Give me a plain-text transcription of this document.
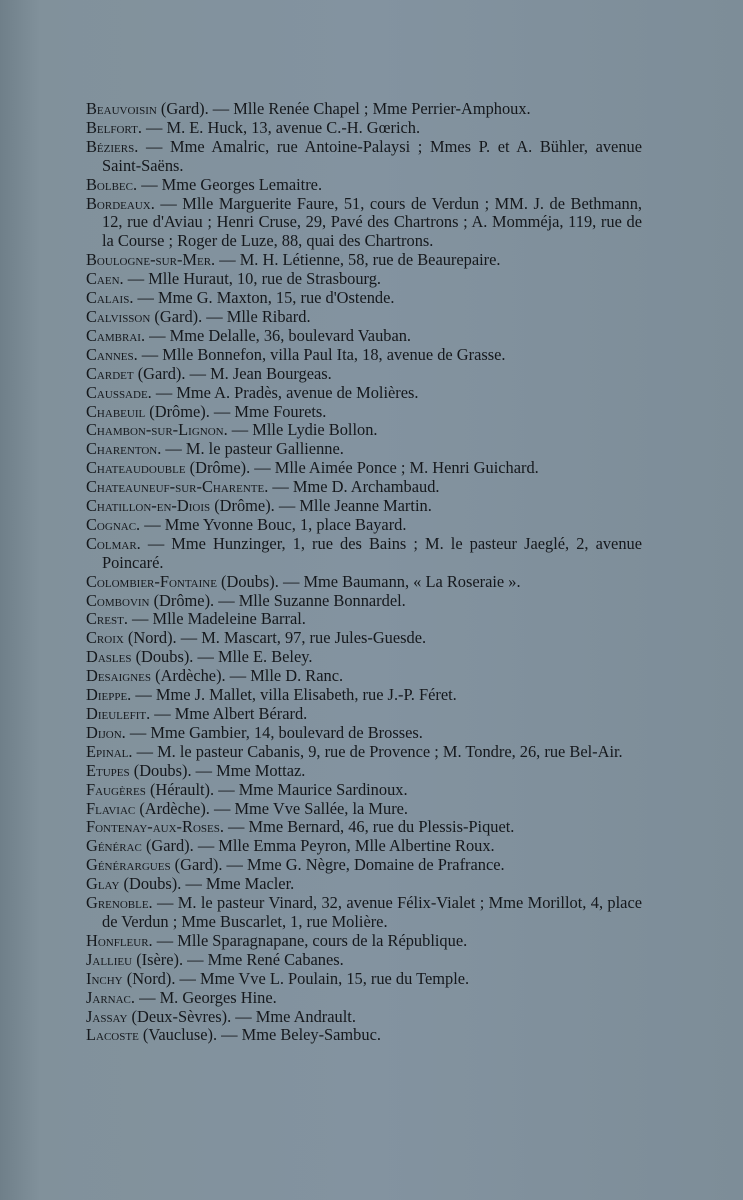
Beauvoisin (Gard). — Mlle Renée Chapel ; Mme Perrier-Amphoux.
Belfort. — M. E. Huck, 13, avenue C.-H. Gœrich.
Béziers. — Mme Amalric, rue Antoine-Palaysi ; Mmes P. et A. Bühler, avenue Saint-Saëns.
Bolbec. — Mme Georges Lemaitre.
Bordeaux. — Mlle Marguerite Faure, 51, cours de Verdun ; MM. J. de Bethmann, 12, rue d'Aviau ; Henri Cruse, 29, Pavé des Chartrons ; A. Momméja, 119, rue de la Course ; Roger de Luze, 88, quai des Chartrons.
Boulogne-sur-Mer. — M. H. Létienne, 58, rue de Beaurepaire.
Caen. — Mlle Huraut, 10, rue de Strasbourg.
Calais. — Mme G. Maxton, 15, rue d'Ostende.
Calvisson (Gard). — Mlle Ribard.
Cambrai. — Mme Delalle, 36, boulevard Vauban.
Cannes. — Mlle Bonnefon, villa Paul Ita, 18, avenue de Grasse.
Cardet (Gard). — M. Jean Bourgeas.
Caussade. — Mme A. Pradès, avenue de Molières.
Chabeuil (Drôme). — Mme Fourets.
Chambon-sur-Lignon. — Mlle Lydie Bollon.
Charenton. — M. le pasteur Gallienne.
Chateaudouble (Drôme). — Mlle Aimée Ponce ; M. Henri Guichard.
Chateauneuf-sur-Charente. — Mme D. Archambaud.
Chatillon-en-Diois (Drôme). — Mlle Jeanne Martin.
Cognac. — Mme Yvonne Bouc, 1, place Bayard.
Colmar. — Mme Hunzinger, 1, rue des Bains ; M. le pasteur Jaeglé, 2, avenue Poincaré.
Colombier-Fontaine (Doubs). — Mme Baumann, « La Roseraie ».
Combovin (Drôme). — Mlle Suzanne Bonnardel.
Crest. — Mlle Madeleine Barral.
Croix (Nord). — M. Mascart, 97, rue Jules-Guesde.
Dasles (Doubs). — Mlle E. Beley.
Desaignes (Ardèche). — Mlle D. Ranc.
Dieppe. — Mme J. Mallet, villa Elisabeth, rue J.-P. Féret.
Dieulefit. — Mme Albert Bérard.
Dijon. — Mme Gambier, 14, boulevard de Brosses.
Epinal. — M. le pasteur Cabanis, 9, rue de Provence ; M. Tondre, 26, rue Bel-Air.
Etupes (Doubs). — Mme Mottaz.
Faugères (Hérault). — Mme Maurice Sardinoux.
Flaviac (Ardèche). — Mme Vve Sallée, la Mure.
Fontenay-aux-Roses. — Mme Bernard, 46, rue du Plessis-Piquet.
Générac (Gard). — Mlle Emma Peyron, Mlle Albertine Roux.
Générargues (Gard). — Mme G. Nègre, Domaine de Prafrance.
Glay (Doubs). — Mme Macler.
Grenoble. — M. le pasteur Vinard, 32, avenue Félix-Vialet ; Mme Morillot, 4, place de Verdun ; Mme Buscarlet, 1, rue Molière.
Honfleur. — Mlle Sparagnapane, cours de la République.
Jallieu (Isère). — Mme René Cabanes.
Inchy (Nord). — Mme Vve L. Poulain, 15, rue du Temple.
Jarnac. — M. Georges Hine.
Jassay (Deux-Sèvres). — Mme Andrault.
Lacoste (Vaucluse). — Mme Beley-Sambuc.
